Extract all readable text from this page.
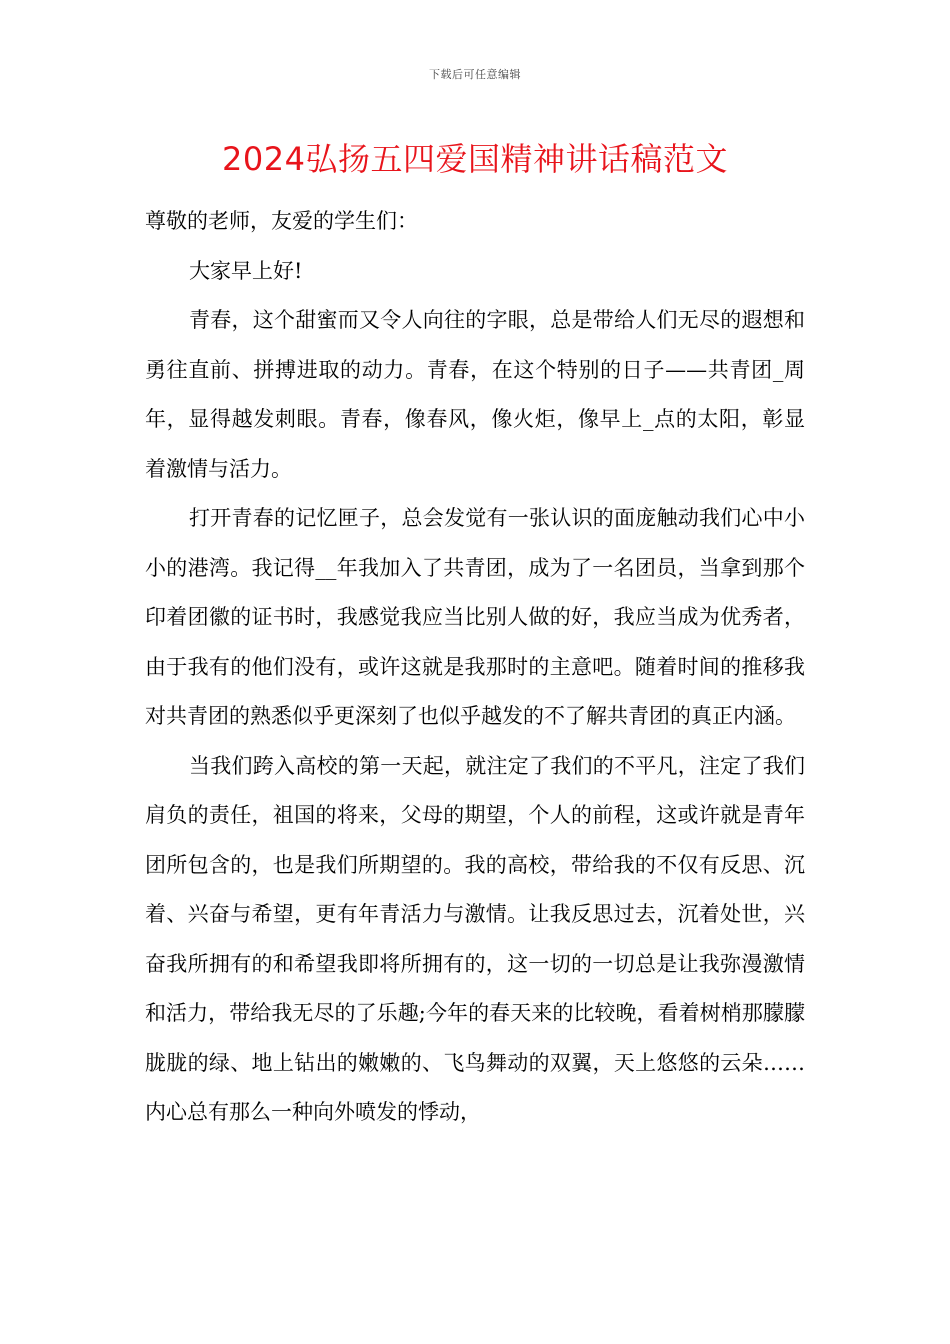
下载后可任意编辑
2024弘扬五四爱国精神讲话稿范文

尊敬的老师，友爱的学生们：

大家早上好!

青春，这个甜蜜而又令人向往的字眼，总是带给人们无尽的遐想和勇往直前、拼搏进取的动力。青春，在这个特别的日子——共青团_周年，显得越发刺眼。青春，像春风，像火炬，像早上_点的太阳，彰显着激情与活力。

打开青春的记忆匣子，总会发觉有一张认识的面庞触动我们心中小小的港湾。我记得__年我加入了共青团，成为了一名团员，当拿到那个印着团徽的证书时，我感觉我应当比别人做的好，我应当成为优秀者，由于我有的他们没有，或许这就是我那时的主意吧。随着时间的推移我对共青团的熟悉似乎更深刻了也似乎越发的不了解共青团的真正内涵。

当我们跨入高校的第一天起，就注定了我们的不平凡，注定了我们肩负的责任，祖国的将来，父母的期望，个人的前程，这或许就是青年团所包含的，也是我们所期望的。我的高校，带给我的不仅有反思、沉着、兴奋与希望，更有年青活力与激情。让我反思过去，沉着处世，兴奋我所拥有的和希望我即将所拥有的，这一切的一切总是让我弥漫激情和活力，带给我无尽的了乐趣;今年的春天来的比较晚，看着树梢那朦朦胧胧的绿、地上钻出的嫩嫩的、飞鸟舞动的双翼，天上悠悠的云朵……内心总有那么一种向外喷发的悸动，
